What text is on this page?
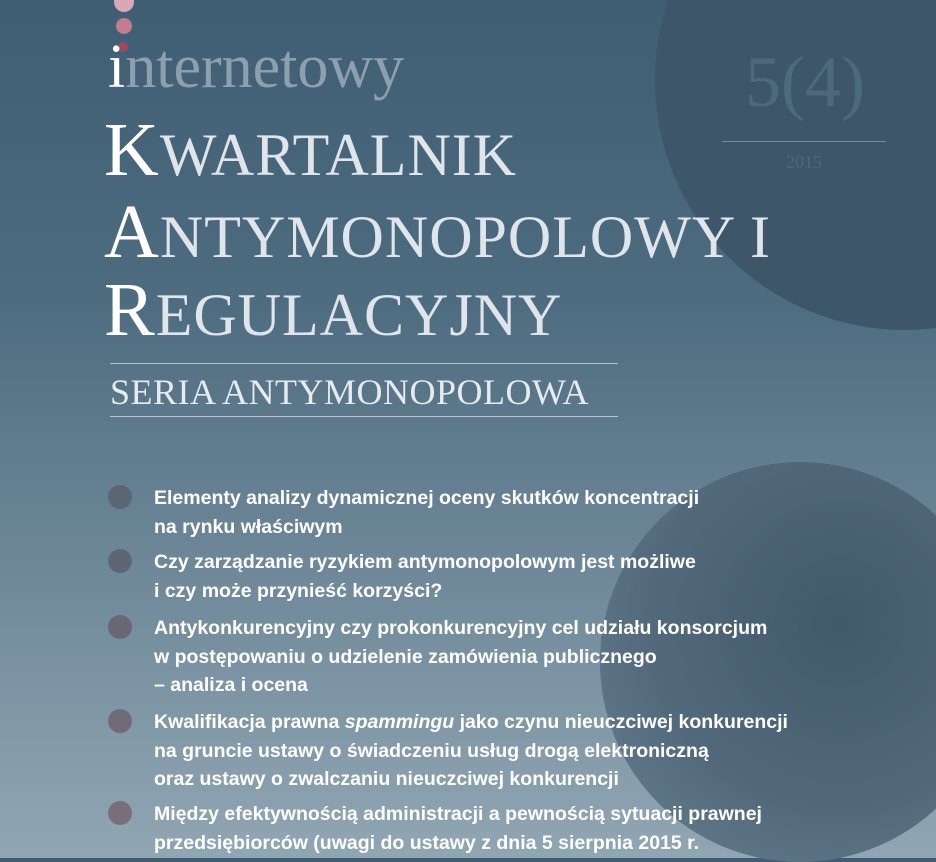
internetowy
KWARTALNIK
ANTYMONOPOLOWY I
REGULACYJNY
SERIA ANTYMONOPOLOWA
5(4)
2015
Elementy analizy dynamicznej oceny skutków koncentracji
na rynku właściwym
Czy zarządzanie ryzykiem antymonopolowym jest możliwe
i czy może przynieść korzyści?
Antykonkurencyjny czy prokonkurencyjny cel udziału konsorcjum
w postępowaniu o udzielenie zamówienia publicznego
– analiza i ocena
Kwalifikacja prawna spammingu jako czynu nieuczciwej konkurencji
na gruncie ustawy o świadczeniu usług drogą elektroniczną
oraz ustawy o zwalczaniu nieuczciwej konkurencji
Między efektywnością administracji a pewnością sytuacji prawnej
przedsiębiorców (uwagi do ustawy z dnia 5 sierpnia 2015 r.
